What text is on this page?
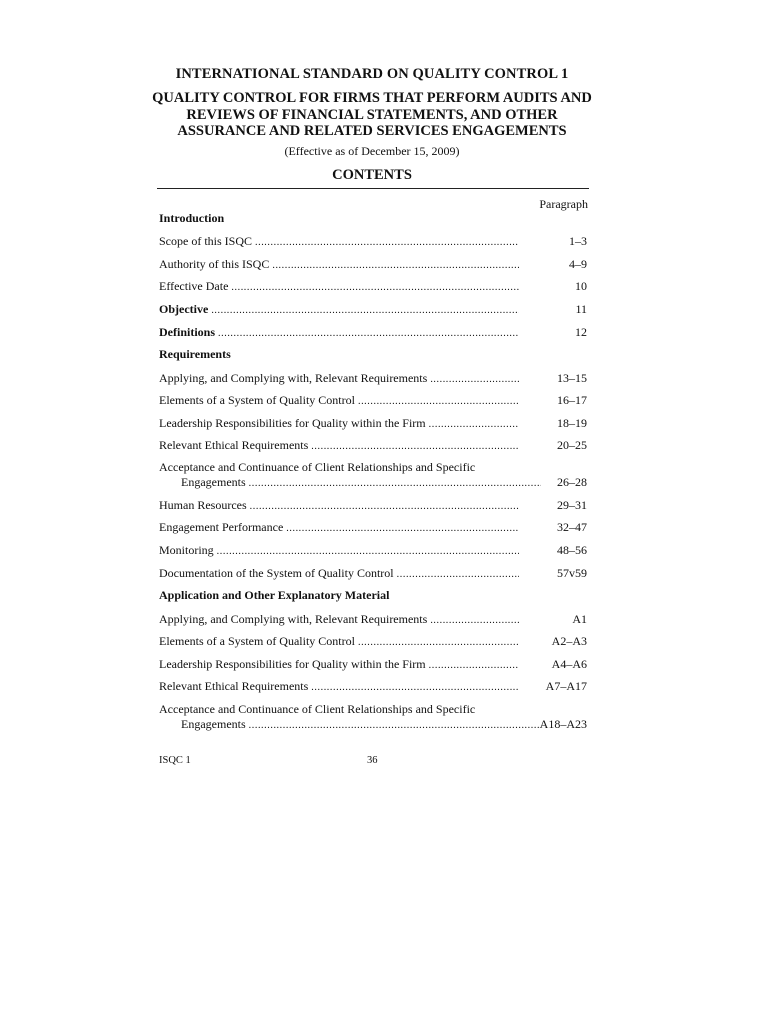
INTERNATIONAL STANDARD ON QUALITY CONTROL 1
QUALITY CONTROL FOR FIRMS THAT PERFORM AUDITS AND REVIEWS OF FINANCIAL STATEMENTS, AND OTHER ASSURANCE AND RELATED SERVICES ENGAGEMENTS
(Effective as of December 15, 2009)
CONTENTS
Paragraph
Introduction
Scope of this ISQC .....	1–3
Authority of this ISQC .....	4–9
Effective Date .....	10
Objective .....	11
Definitions .....	12
Requirements
Applying, and Complying with, Relevant Requirements .....	13–15
Elements of a System of Quality Control .....	16–17
Leadership Responsibilities for Quality within the Firm .....	18–19
Relevant Ethical Requirements .....	20–25
Acceptance and Continuance of Client Relationships and Specific
Engagements .....	26–28
Human Resources .....	29–31
Engagement Performance .....	32–47
Monitoring .....	48–56
Documentation of the System of Quality Control .....	57v59
Application and Other Explanatory Material
Applying, and Complying with, Relevant Requirements .....	A1
Elements of a System of Quality Control .....	A2–A3
Leadership Responsibilities for Quality within the Firm .....	A4–A6
Relevant Ethical Requirements .....	A7–A17
Acceptance and Continuance of Client Relationships and Specific
Engagements .....	A18–A23
ISQC 1	36
